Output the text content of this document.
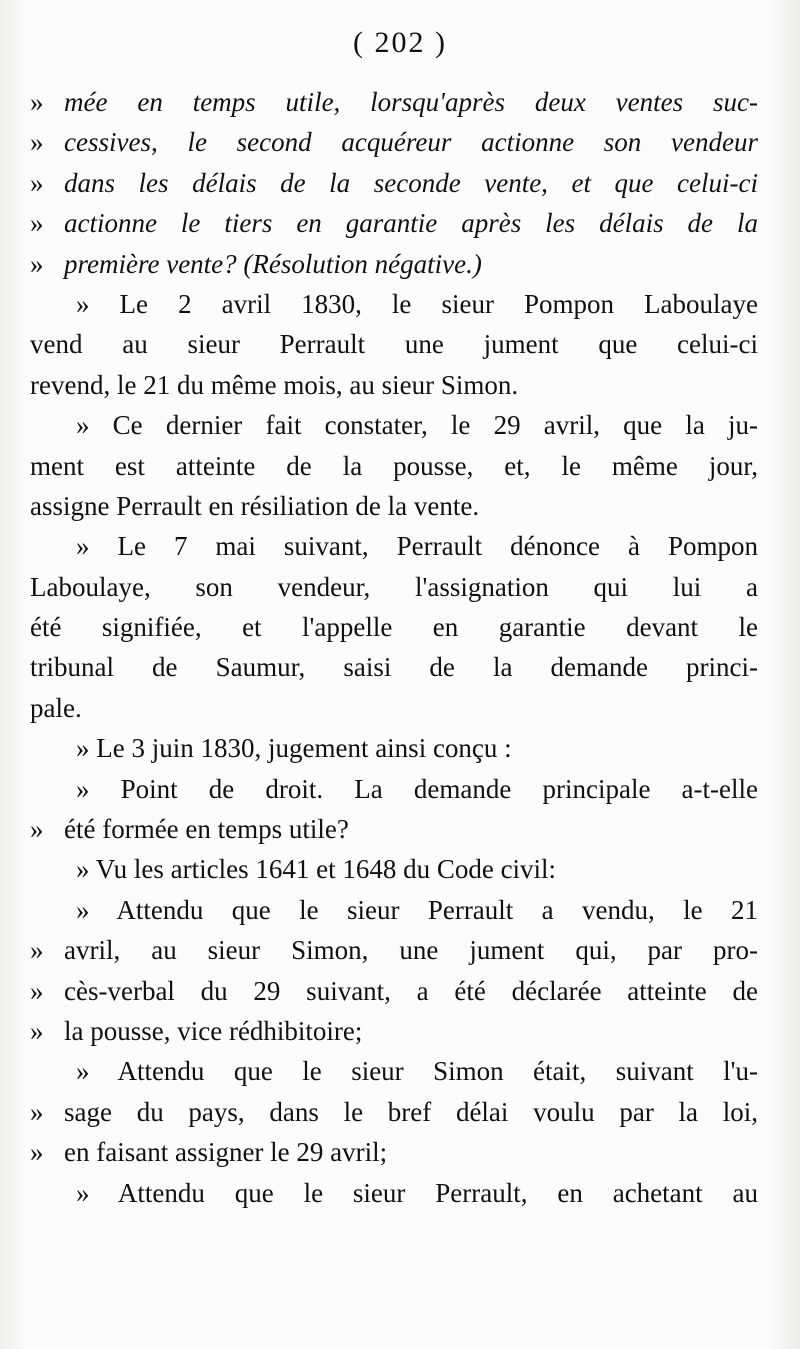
( 202 )
» mée en temps utile, lorsqu'après deux ventes suc-
» cessives, le second acquéreur actionne son vendeur
» dans les délais de la seconde vente, et que celui-ci
» actionne le tiers en garantie après les délais de la
» première vente? (Résolution négative.)
» Le 2 avril 1830, le sieur Pompon Laboulaye
vend au sieur Perrault une jument que celui-ci
revend, le 21 du même mois, au sieur Simon.
» Ce dernier fait constater, le 29 avril, que la ju-
ment est atteinte de la pousse, et, le même jour,
assigne Perrault en résiliation de la vente.
» Le 7 mai suivant, Perrault dénonce à Pompon
Laboulaye, son vendeur, l'assignation qui lui a
été signifiée, et l'appelle en garantie devant le
tribunal de Saumur, saisi de la demande princi-
pale.
» Le 3 juin 1830, jugement ainsi conçu :
» Point de droit. La demande principale a-t-elle
» été formée en temps utile?
» Vu les articles 1641 et 1648 du Code civil:
» Attendu que le sieur Perrault a vendu, le 21
» avril, au sieur Simon, une jument qui, par pro-
» cès-verbal du 29 suivant, a été déclarée atteinte de
» la pousse, vice rédhibitoire;
» Attendu que le sieur Simon était, suivant l'u-
» sage du pays, dans le bref délai voulu par la loi,
» en faisant assigner le 29 avril;
» Attendu que le sieur Perrault, en achetant au
